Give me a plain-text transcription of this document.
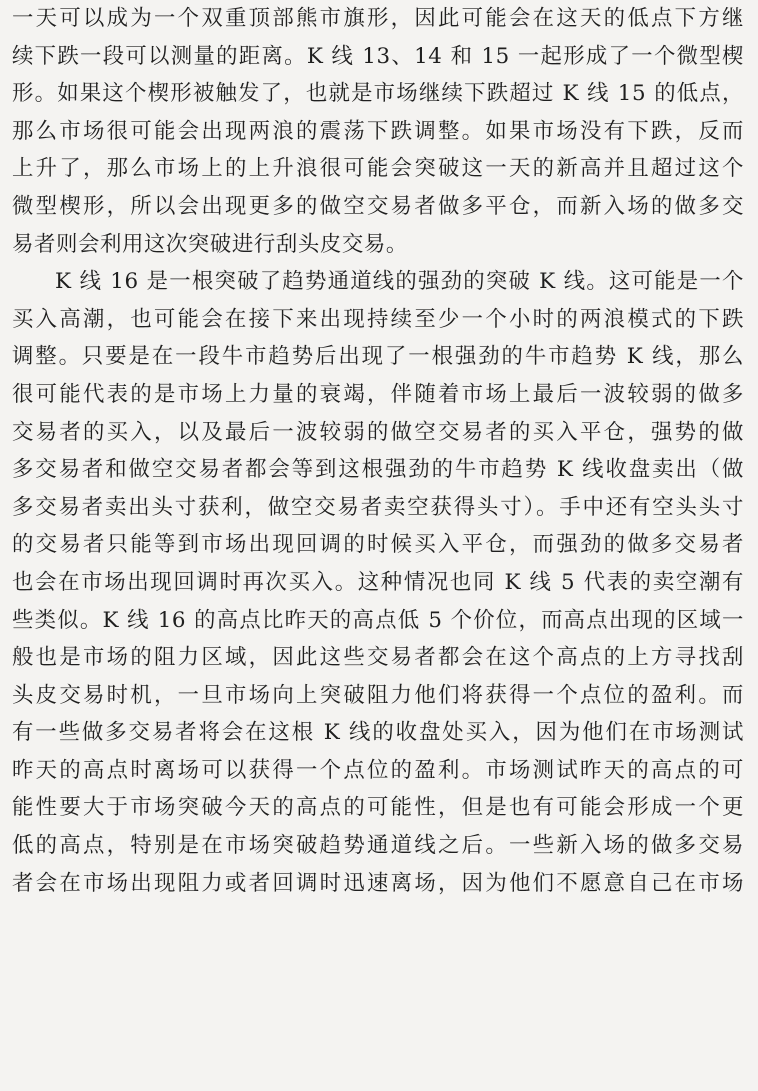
一天可以成为一个双重顶部熊市旗形，因此可能会在这天的低点下方继
续下跌一段可以测量的距离。K 线 13、14 和 15 一起形成了一个微型楔
形。如果这个楔形被触发了，也就是市场继续下跌超过 K 线 15 的低点，
那么市场很可能会出现两浪的震荡下跌调整。如果市场没有下跌，反而
上升了，那么市场上的上升浪很可能会突破这一天的新高并且超过这个
微型楔形，所以会出现更多的做空交易者做多平仓，而新入场的做多交
易者则会利用这次突破进行刮头皮交易。
K 线 16 是一根突破了趋势通道线的强劲的突破 K 线。这可能是一个
买入高潮，也可能会在接下来出现持续至少一个小时的两浪模式的下跌
调整。只要是在一段牛市趋势后出现了一根强劲的牛市趋势 K 线，那么
很可能代表的是市场上力量的衰竭，伴随着市场上最后一波较弱的做多
交易者的买入，以及最后一波较弱的做空交易者的买入平仓，强势的做
多交易者和做空交易者都会等到这根强劲的牛市趋势 K 线收盘卖出（做
多交易者卖出头寸获利，做空交易者卖空获得头寸）。手中还有空头头寸
的交易者只能等到市场出现回调的时候买入平仓，而强劲的做多交易者
也会在市场出现回调时再次买入。这种情况也同 K 线 5 代表的卖空潮有
些类似。K 线 16 的高点比昨天的高点低 5 个价位，而高点出现的区域一
般也是市场的阻力区域，因此这些交易者都会在这个高点的上方寻找刮
头皮交易时机，一旦市场向上突破阻力他们将获得一个点位的盈利。而
有一些做多交易者将会在这根 K 线的收盘处买入，因为他们在市场测试
昨天的高点时离场可以获得一个点位的盈利。市场测试昨天的高点的可
能性要大于市场突破今天的高点的可能性，但是也有可能会形成一个更
低的高点，特别是在市场突破趋势通道线之后。一些新入场的做多交易
者会在市场出现阻力或者回调时迅速离场，因为他们不愿意自己在市场
